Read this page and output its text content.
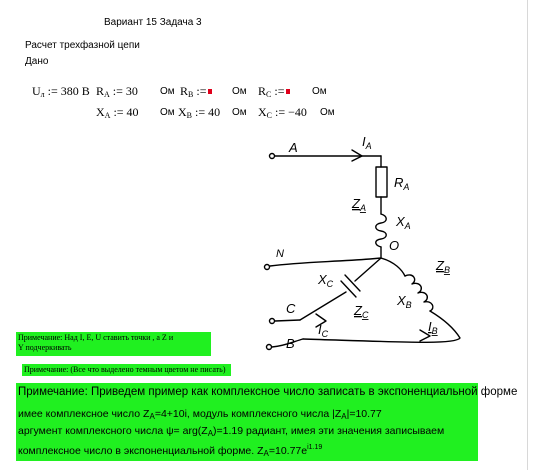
Вариант 15 Задача 3
Расчет трехфазной цепи
Дано
$U_л$ := 380 В $R_A$ := 30 Ом $R_B$ :=	Ом $R_C$ :=	Ом
$X_A$ := 40 Ом $X_B$ := 40 Ом $X_C$ := −40 Ом
A	$I_A$
$R_A$
$Z_A$
$X_A$
O
N
$Z_B$
$X_C$
$Z_C$
$X_B$
C
$I_C$	$I_B$
B
Примечание: Над I, E, U ставить точки , а Z и
Y подчеркивать
Примечание: (Все что выделено темным цветом не писать)
Примечание: Приведем пример как комплексное число записать в экспоненциальной форме
имее комплексное число $Z_A=4+10i$, модуль комплексного числа $|Z_A|=10.77$
аргумент комплексного числа $\psi= arg(Z_A)=1.19$ радиант, имея эти значения записываем
комплексное число в экспоненциальной форме. $Z_A=10.77e^{i1.19}$
